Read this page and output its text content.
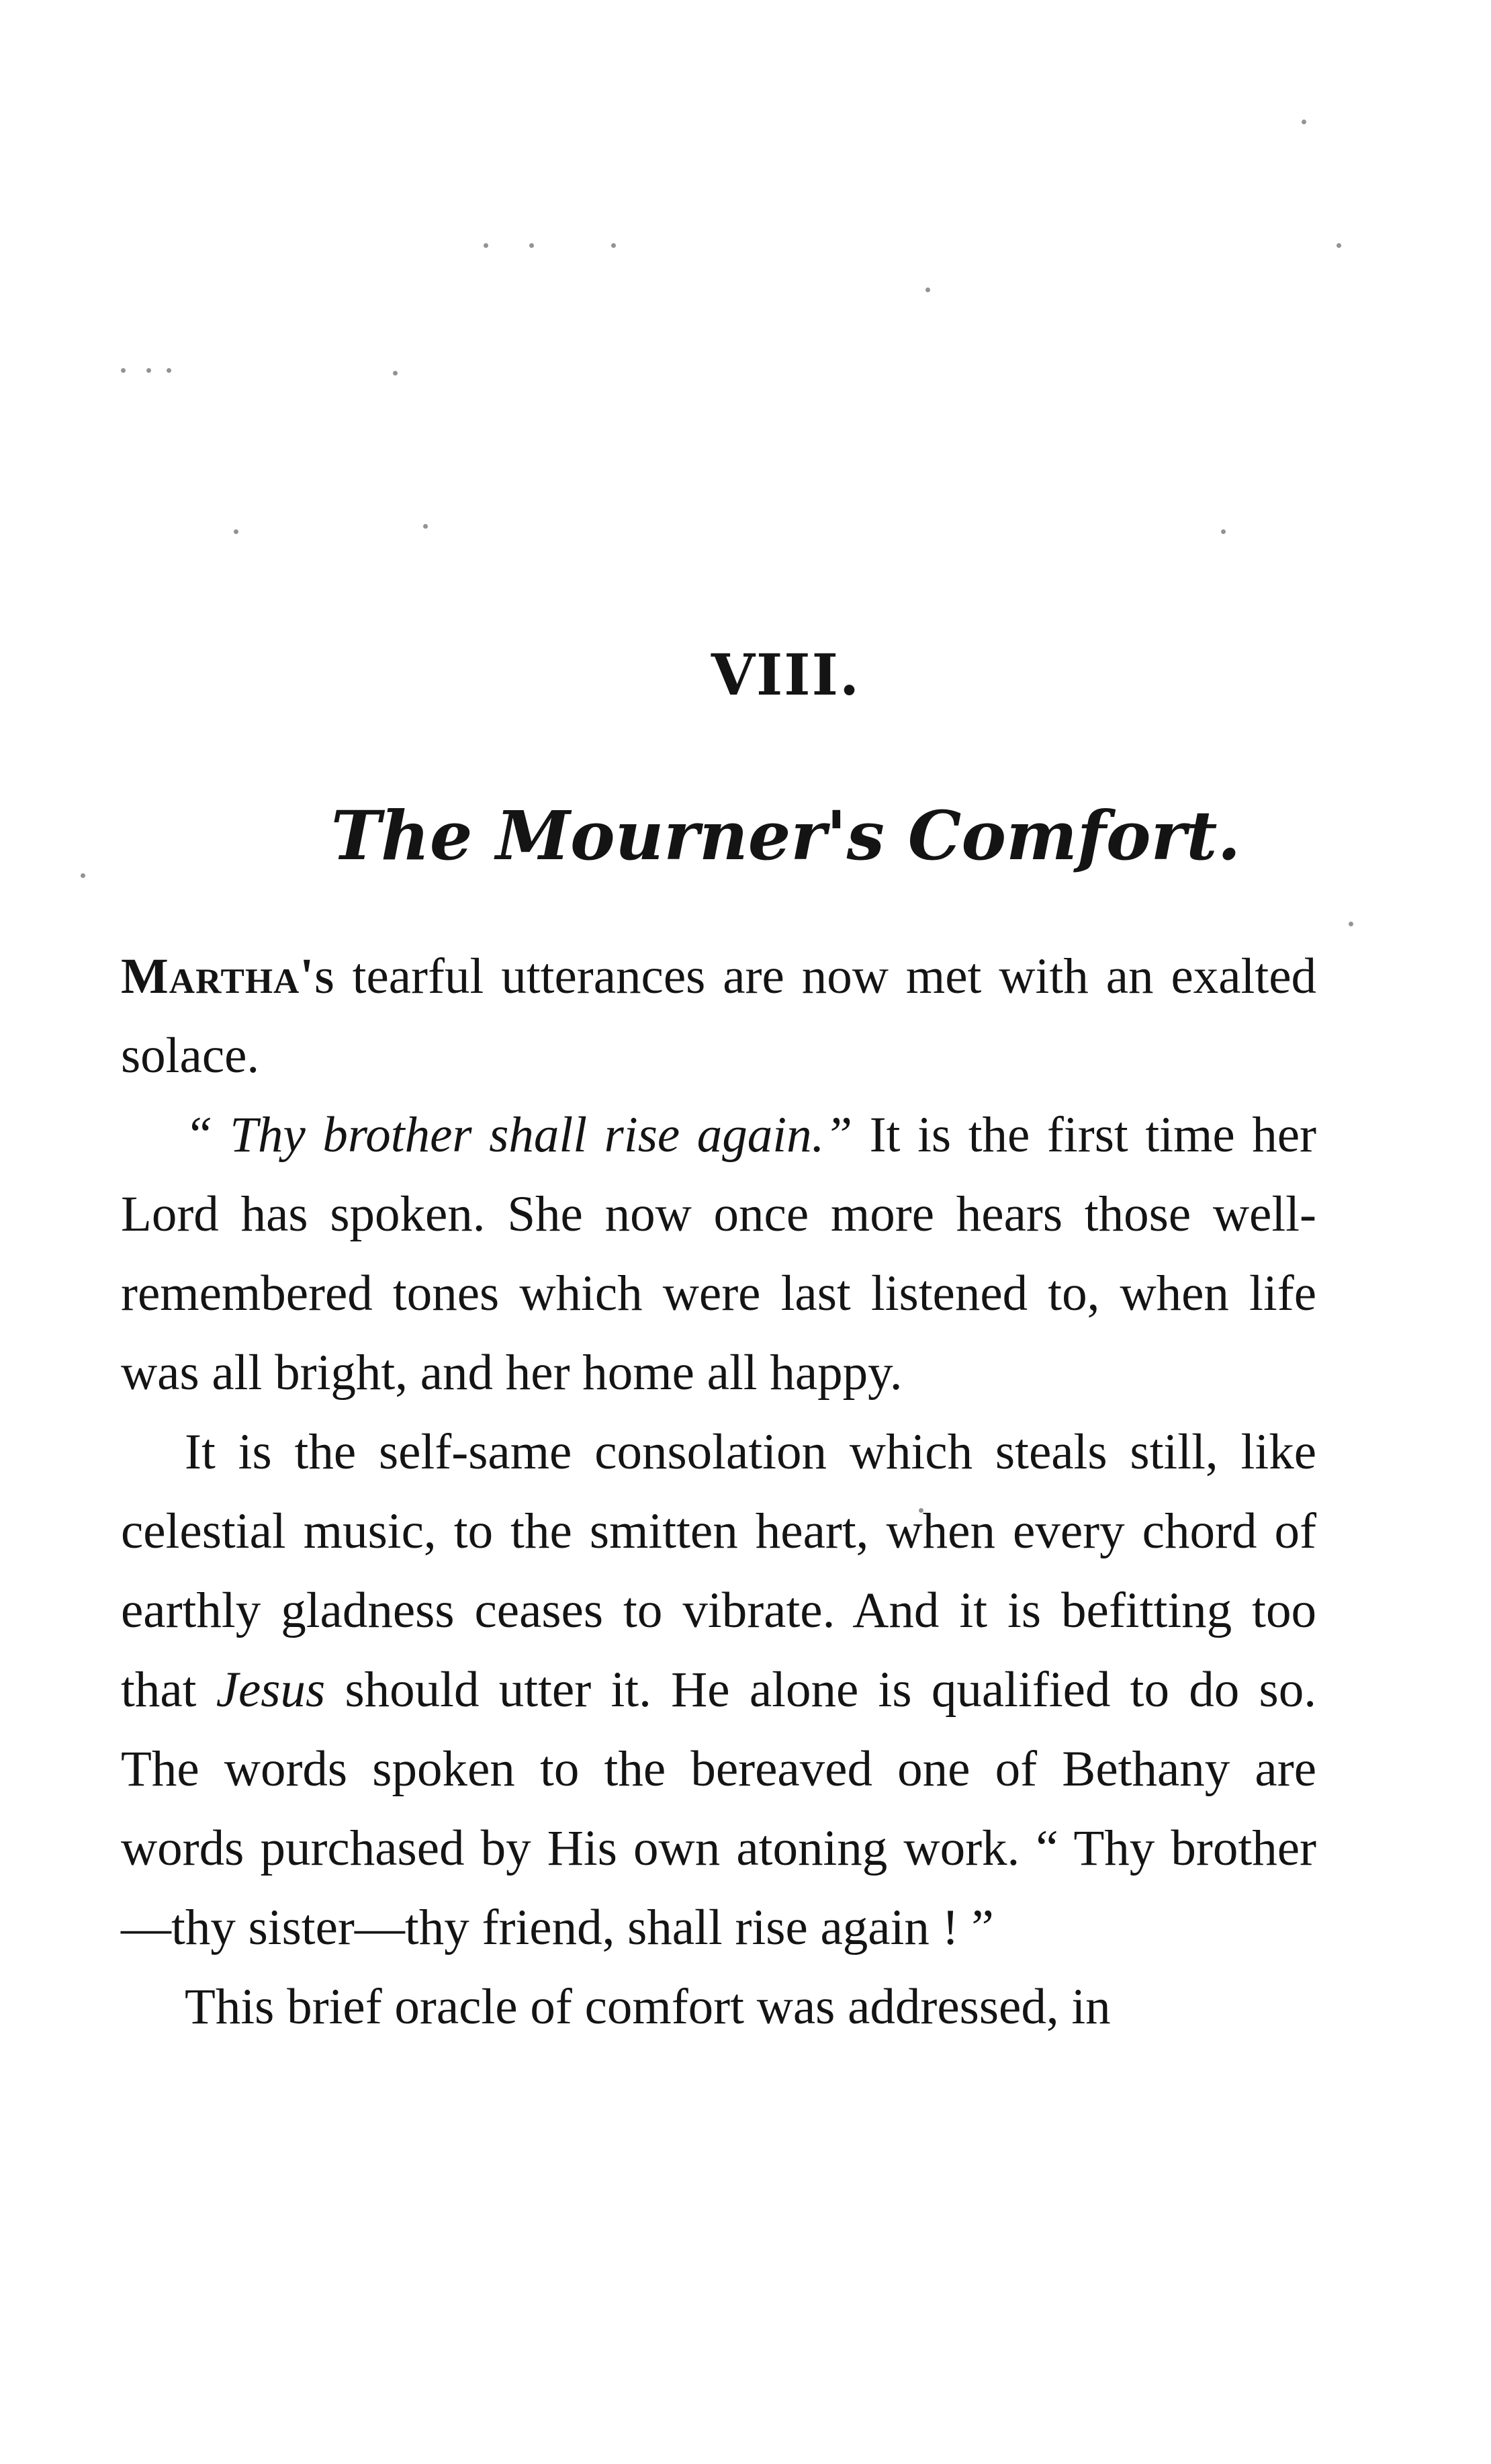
VIII.
The Mourner's Comfort.

Martha's tearful utterances are now met with an exalted solace.

“ Thy brother shall rise again.” It is the first time her Lord has spoken. She now once more hears those well-remembered tones which were last listened to, when life was all bright, and her home all happy.

It is the self-same consolation which steals still, like celestial music, to the smitten heart, when every chord of earthly gladness ceases to vibrate. And it is befitting too that Jesus should utter it. He alone is qualified to do so. The words spoken to the bereaved one of Bethany are words purchased by His own atoning work. “ Thy brother —thy sister—thy friend, shall rise again ! ”

This brief oracle of comfort was addressed, in
